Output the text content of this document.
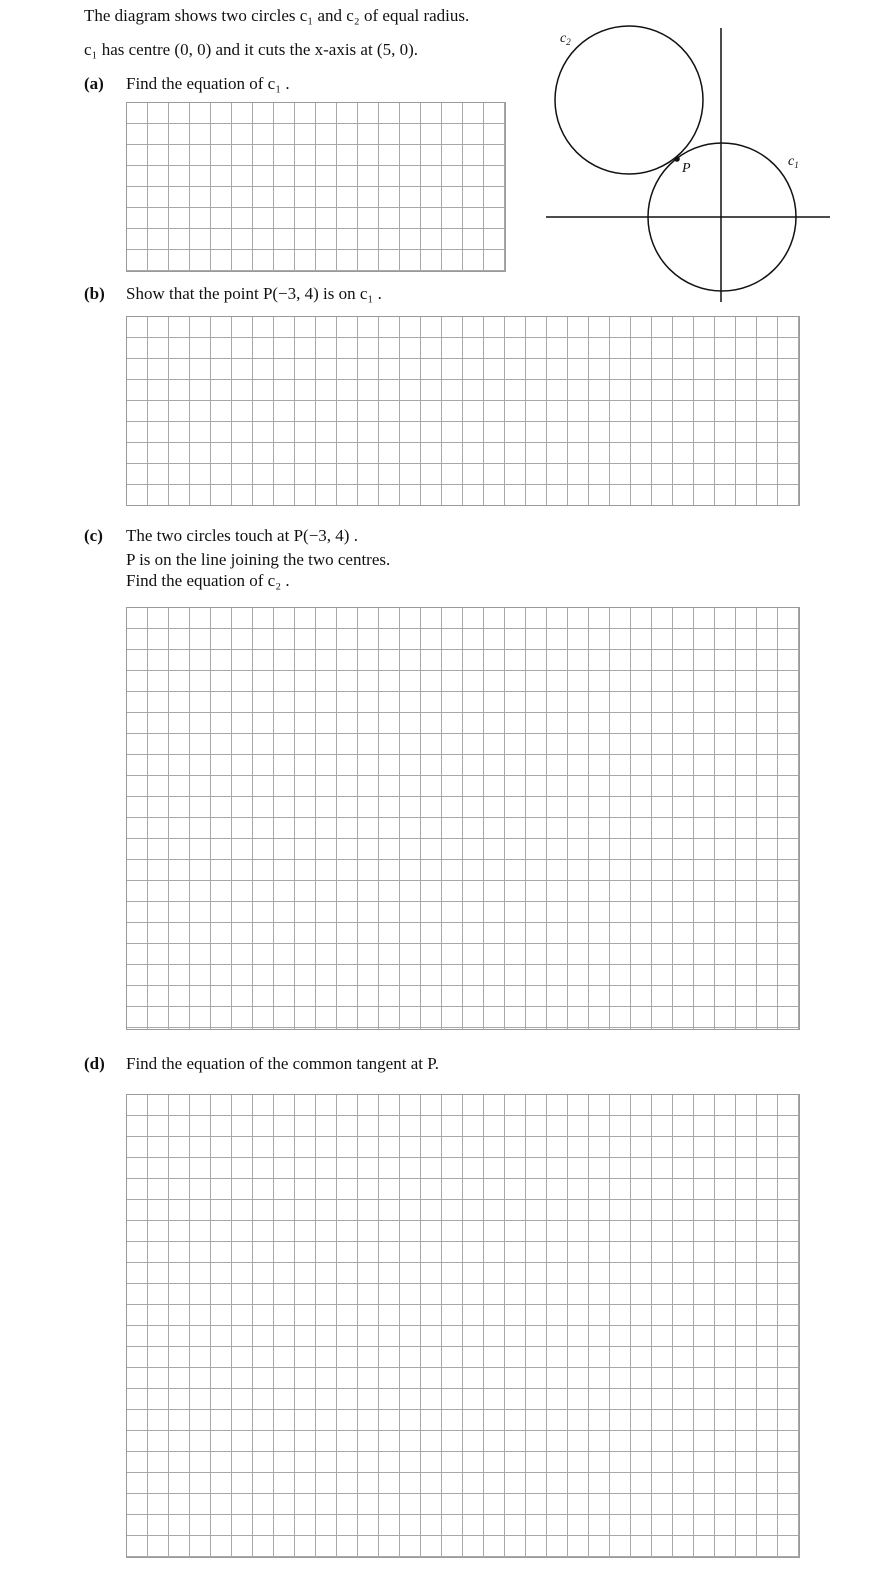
The diagram shows two circles c₁ and c₂ of equal radius.
c₁ has centre (0, 0) and it cuts the x-axis at (5, 0).
(a) Find the equation of c₁ .
(b) Show that the point P(−3, 4) is on c₁ .
(c) The two circles touch at P(−3, 4) .
P is on the line joining the two centres.
Find the equation of c₂ .
(d) Find the equation of the common tangent at P.
$c_2$
$c_1$
P
